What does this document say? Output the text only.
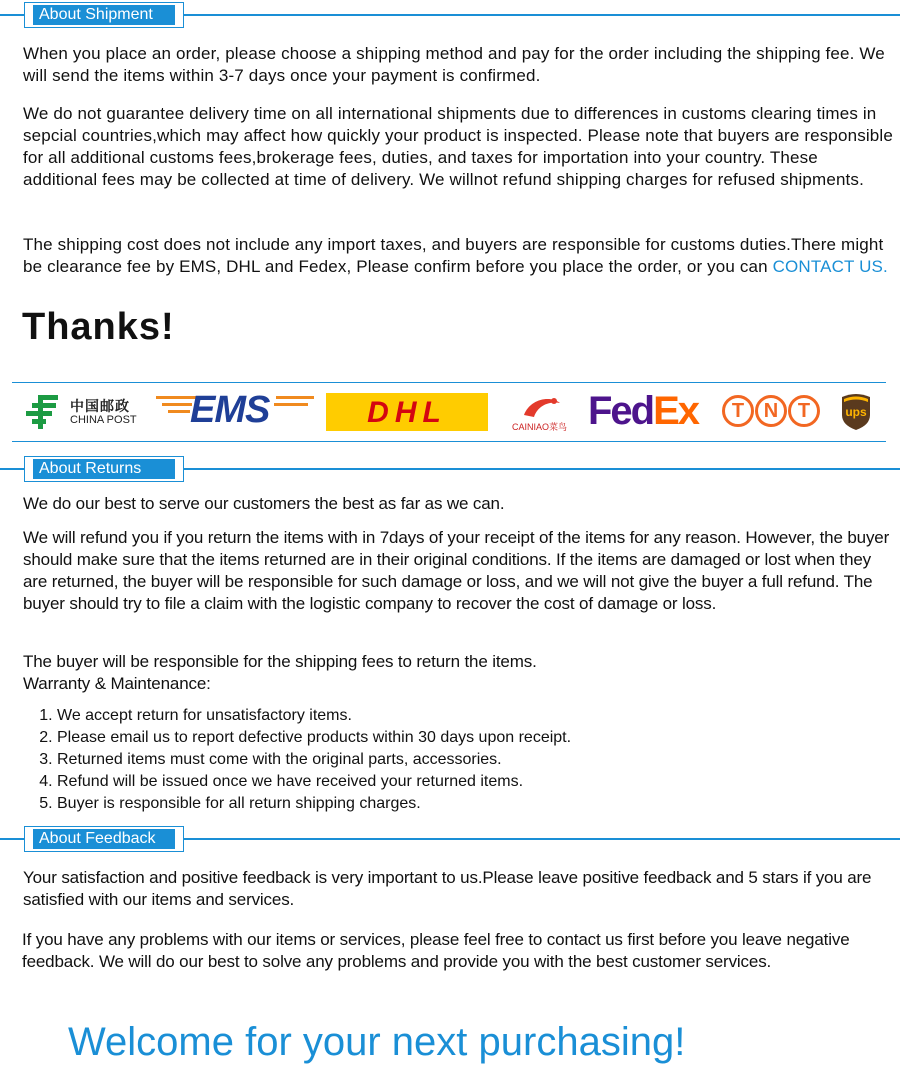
About Shipment
When you place an order, please choose a shipping method and pay for the order including the shipping fee. We will send the items within 3-7 days once your payment is confirmed.
We do not guarantee delivery time on all international shipments due to differences in customs clearing times in sepcial countries,which may affect how quickly your product is inspected. Please note that buyers are responsible for all additional customs fees,brokerage fees, duties, and taxes for importation into your country. These additional fees may be collected at time of delivery. We willnot refund shipping charges for refused shipments.
The shipping cost does not include any import taxes, and buyers are responsible for customs duties.There might be clearance fee by EMS, DHL and Fedex, Please confirm before you place the order, or you can CONTACT US.
Thanks!
中国邮政
CHINA POST EMS	DHL	CAINIAO菜鸟 FedEx	T N T	ups
About Returns
We do our best to serve our customers the best as far as we can.
We will refund you if you return the items with in 7days of your receipt of the items for any reason. However, the buyer should make sure that the items returned are in their original conditions. If the items are damaged or lost when they are returned, the buyer will be responsible for such damage or loss, and we will not give the buyer a full refund. The buyer should try to file a claim with the logistic company to recover the cost of damage or loss.
The buyer will be responsible for the shipping fees to return the items.
Warranty & Maintenance:
1. We accept return for unsatisfactory items.
2. Please email us to report defective products within 30 days upon receipt.
3. Returned items must come with the original parts, accessories.
4. Refund will be issued once we have received your returned items.
5. Buyer is responsible for all return shipping charges.
About Feedback
Your satisfaction and positive feedback is very important to us.Please leave positive feedback and 5 stars if you are satisfied with our items and services.
If you have any problems with our items or services, please feel free to contact us first before you leave negative feedback. We will do our best to solve any problems and provide you with the best customer services.
Welcome for your next purchasing!
